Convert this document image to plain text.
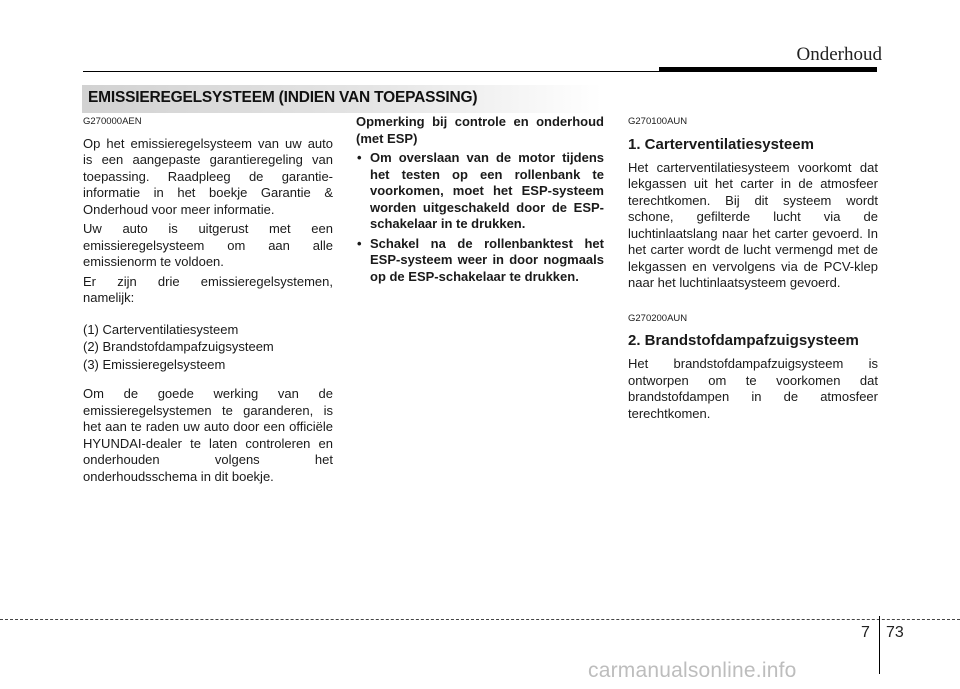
Onderhoud
EMISSIEREGELSYSTEEM (INDIEN VAN TOEPASSING)

G270000AEN

Op het emissieregelsysteem van uw auto is een aangepaste garantieregeling van toepassing. Raadpleeg de garantie-informatie in het boekje Garantie & Onderhoud voor meer informatie.

Uw auto is uitgerust met een emissieregelsysteem om aan alle emissienorm te voldoen.

Er zijn drie emissieregelsystemen, namelijk:

(1) Carterventilatiesysteem

(2) Brandstofdampafzuigsysteem

(3) Emissieregelsysteem

Om de goede werking van de emissieregelsystemen te garanderen, is het aan te raden uw auto door een officiële HYUNDAI-dealer te laten controleren en onderhouden volgens het onderhoudsschema in dit boekje.

Opmerking bij controle en onderhoud (met ESP)

• Om overslaan van de motor tijdens het testen op een rollenbank te voorkomen, moet het ESP-systeem worden uitgeschakeld door de ESP-schakelaar in te drukken.
• Schakel na de rollenbanktest het ESP-systeem weer in door nogmaals op de ESP-schakelaar te drukken.

G270100AUN

1. Carterventilatiesysteem

Het carterventilatiesysteem voorkomt dat lekgassen uit het carter in de atmosfeer terechtkomen. Bij dit systeem wordt schone, gefilterde lucht via de luchtinlaatslang naar het carter gevoerd. In het carter wordt de lucht vermengd met de lekgassen en vervolgens via de PCV-klep naar het luchtinlaatsysteem gevoerd.

G270200AUN

2. Brandstofdampafzuigsysteem

Het brandstofdampafzuigsysteem is ontworpen om te voorkomen dat brandstofdampen in de atmosfeer terechtkomen.

7 73
carmanualsonline.info
